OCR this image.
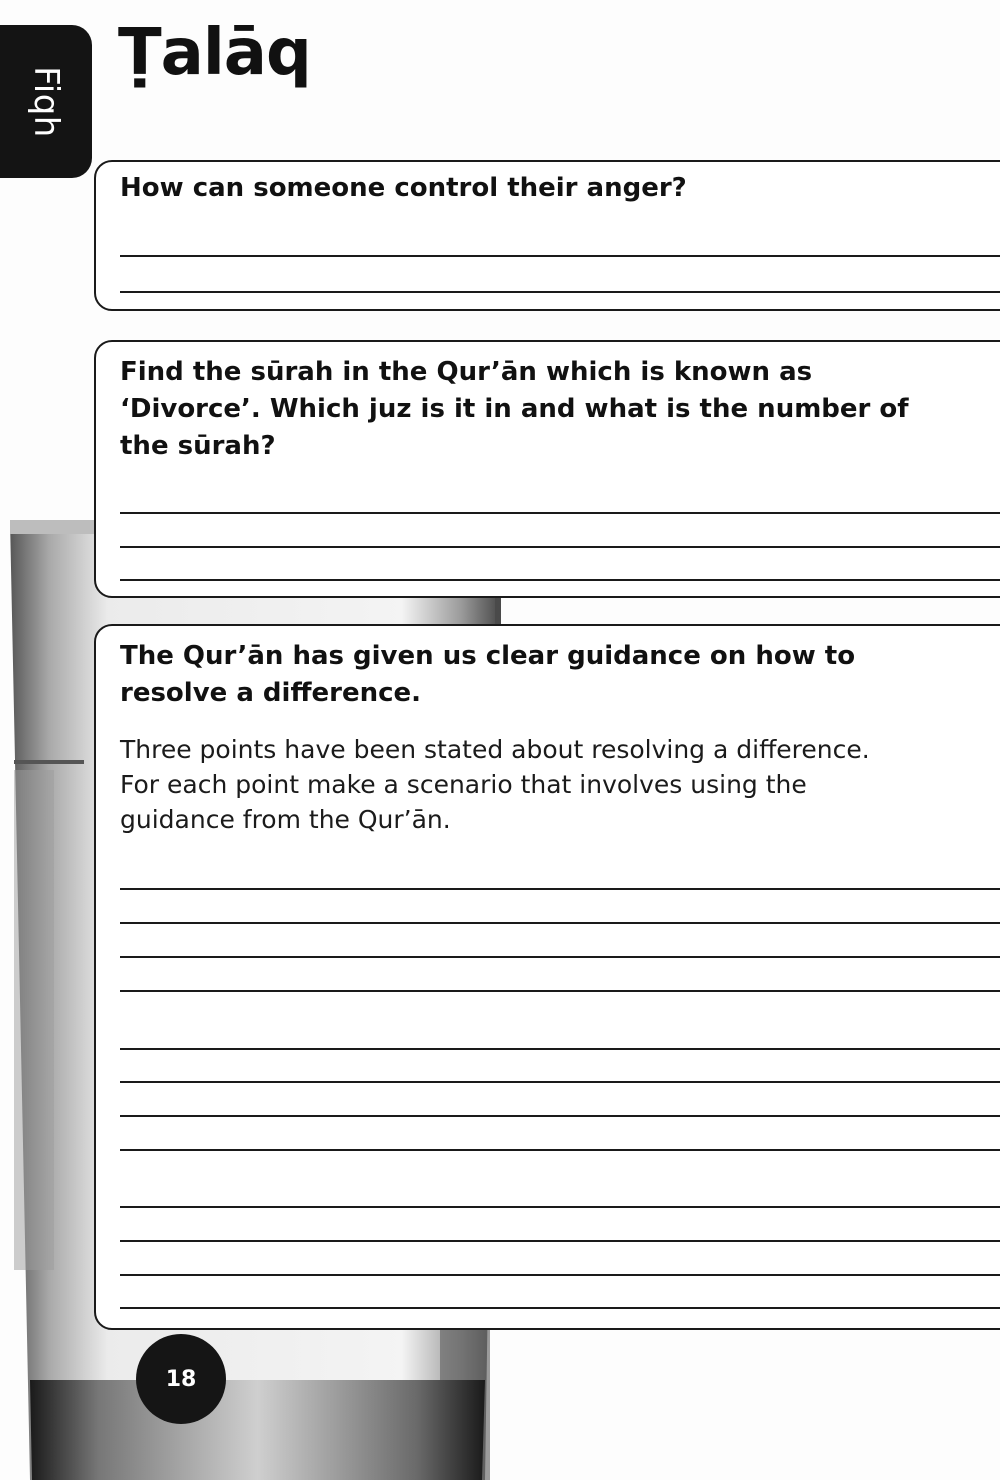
Fiqh
Ṭalāq

How can someone control their anger?

Find the sūrah in the Qur’ān which is known as
‘Divorce’. Which juz is it in and what is the number of
the sūrah?

The Qur’ān has given us clear guidance on how to
resolve a difference.

Three points have been stated about resolving a difference.
For each point make a scenario that involves using the
guidance from the Qur’ān.

18
